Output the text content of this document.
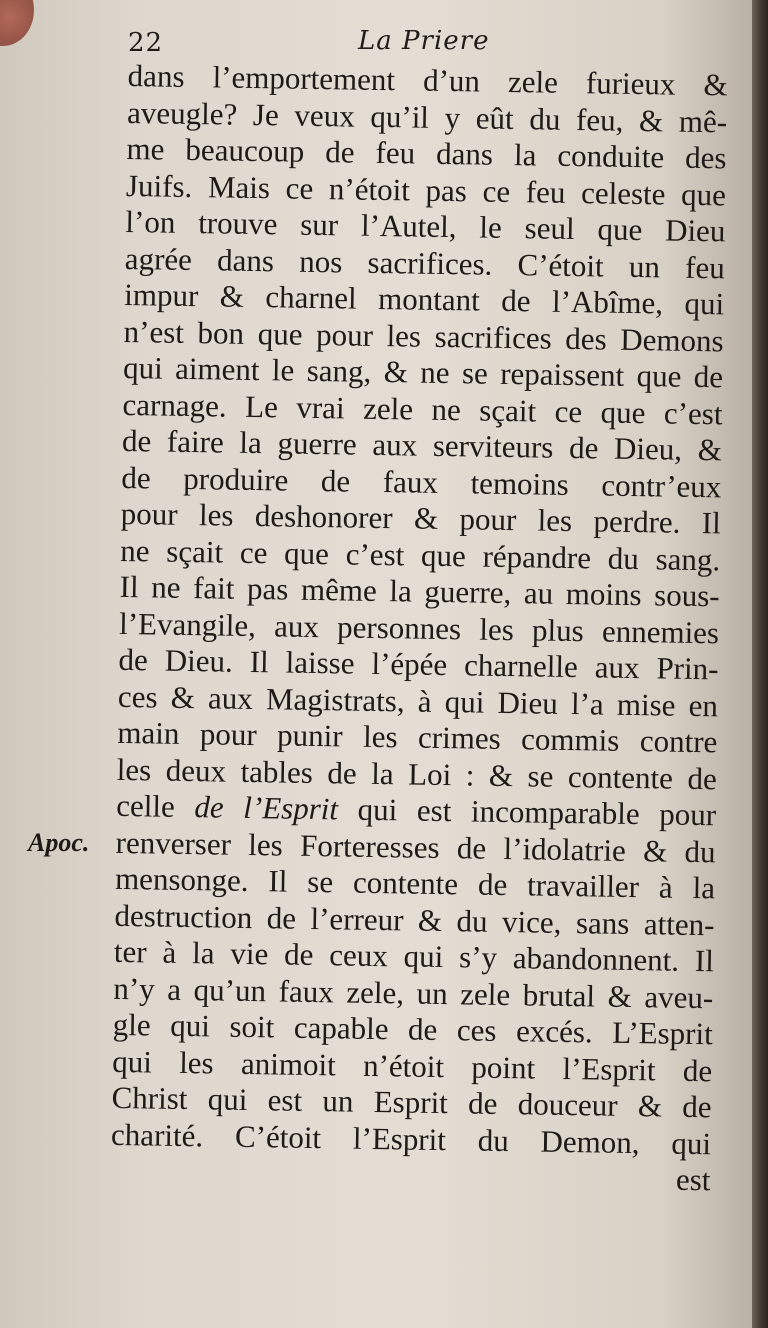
22	La Priere
Apoc.
dans l’emportement d’un zele furieux &
aveugle? Je veux qu’il y eût du feu, & mê-
me beaucoup de feu dans la conduite des
Juifs. Mais ce n’étoit pas ce feu celeste que
l’on trouve sur l’Autel, le seul que Dieu
agrée dans nos sacrifices. C’étoit un feu
impur & charnel montant de l’Abîme, qui
n’est bon que pour les sacrifices des Demons
qui aiment le sang, & ne se repaissent que de
carnage. Le vrai zele ne sçait ce que c’est
de faire la guerre aux serviteurs de Dieu, &
de produire de faux temoins contr’eux
pour les deshonorer & pour les perdre. Il
ne sçait ce que c’est que répandre du sang.
Il ne fait pas même la guerre, au moins sous-
l’Evangile, aux personnes les plus ennemies
de Dieu. Il laisse l’épée charnelle aux Prin-
ces & aux Magistrats, à qui Dieu l’a mise en
main pour punir les crimes commis contre
les deux tables de la Loi : & se contente de
celle de l’Esprit qui est incomparable pour
renverser les Forteresses de l’idolatrie & du
mensonge. Il se contente de travailler à la
destruction de l’erreur & du vice, sans atten-
ter à la vie de ceux qui s’y abandonnent. Il
n’y a qu’un faux zele, un zele brutal & aveu-
gle qui soit capable de ces excés. L’Esprit
qui les animoit n’étoit point l’Esprit de
Christ qui est un Esprit de douceur & de
charité. C’étoit l’Esprit du Demon, qui
est
